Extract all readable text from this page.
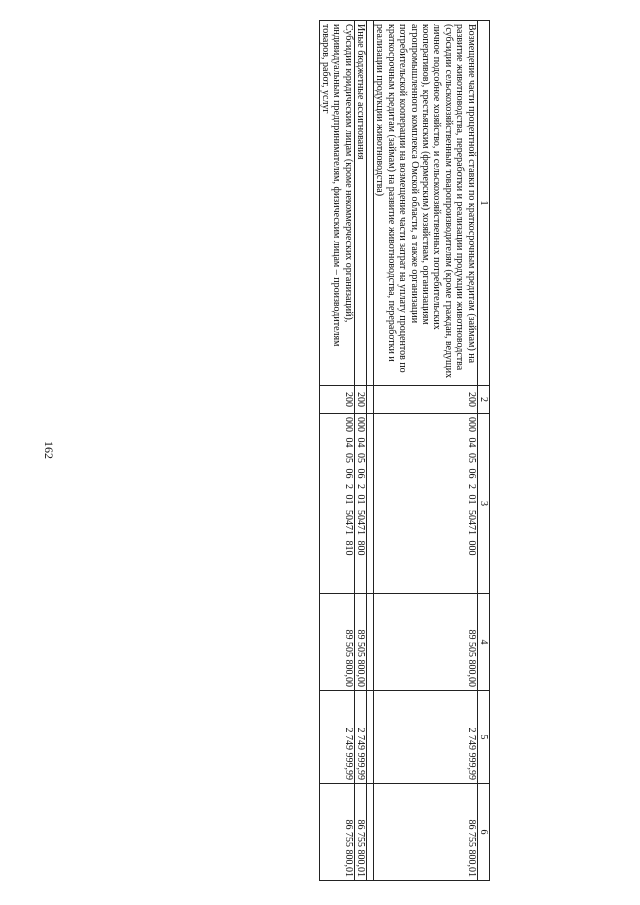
162
1	2	3	4	5	6
Возмещение части процентной ставки по краткосрочным кредитам (займам) на развитие животноводства, переработки и реализации продукции животноводства (субсидии сельскохозяйственным товаропроизводителям (кроме граждан, ведущих личное подсобное хозяйство, и сельскохозяйственных потребительских кооперативов), крестьянским (фермерским) хозяйствам, организациям агропромышленного комплекса Омской области, а также организации потребительской кооперации на возмещение части затрат на уплату процентов по краткосрочным кредитам (займам) на развитие животноводства, переработки и реализации продукции животноводства)	200	000 04 05 06 2 01 50471 000	89 505 800,00	2 749 999,99	86 755 800,01

Иные бюджетные ассигнования	200	000 04 05 06 2 01 50471 800	89 505 800,00	2 749 999,99	86 755 800,01
Субсидии юридическим лицам (кроме некоммерческих организаций), индивидуальным предпринимателям, физическим лицам – производителям товаров, работ, услуг	200	000 04 05 06 2 01 50471 810	89 505 800,00	2 749 999,99	86 755 800,01
